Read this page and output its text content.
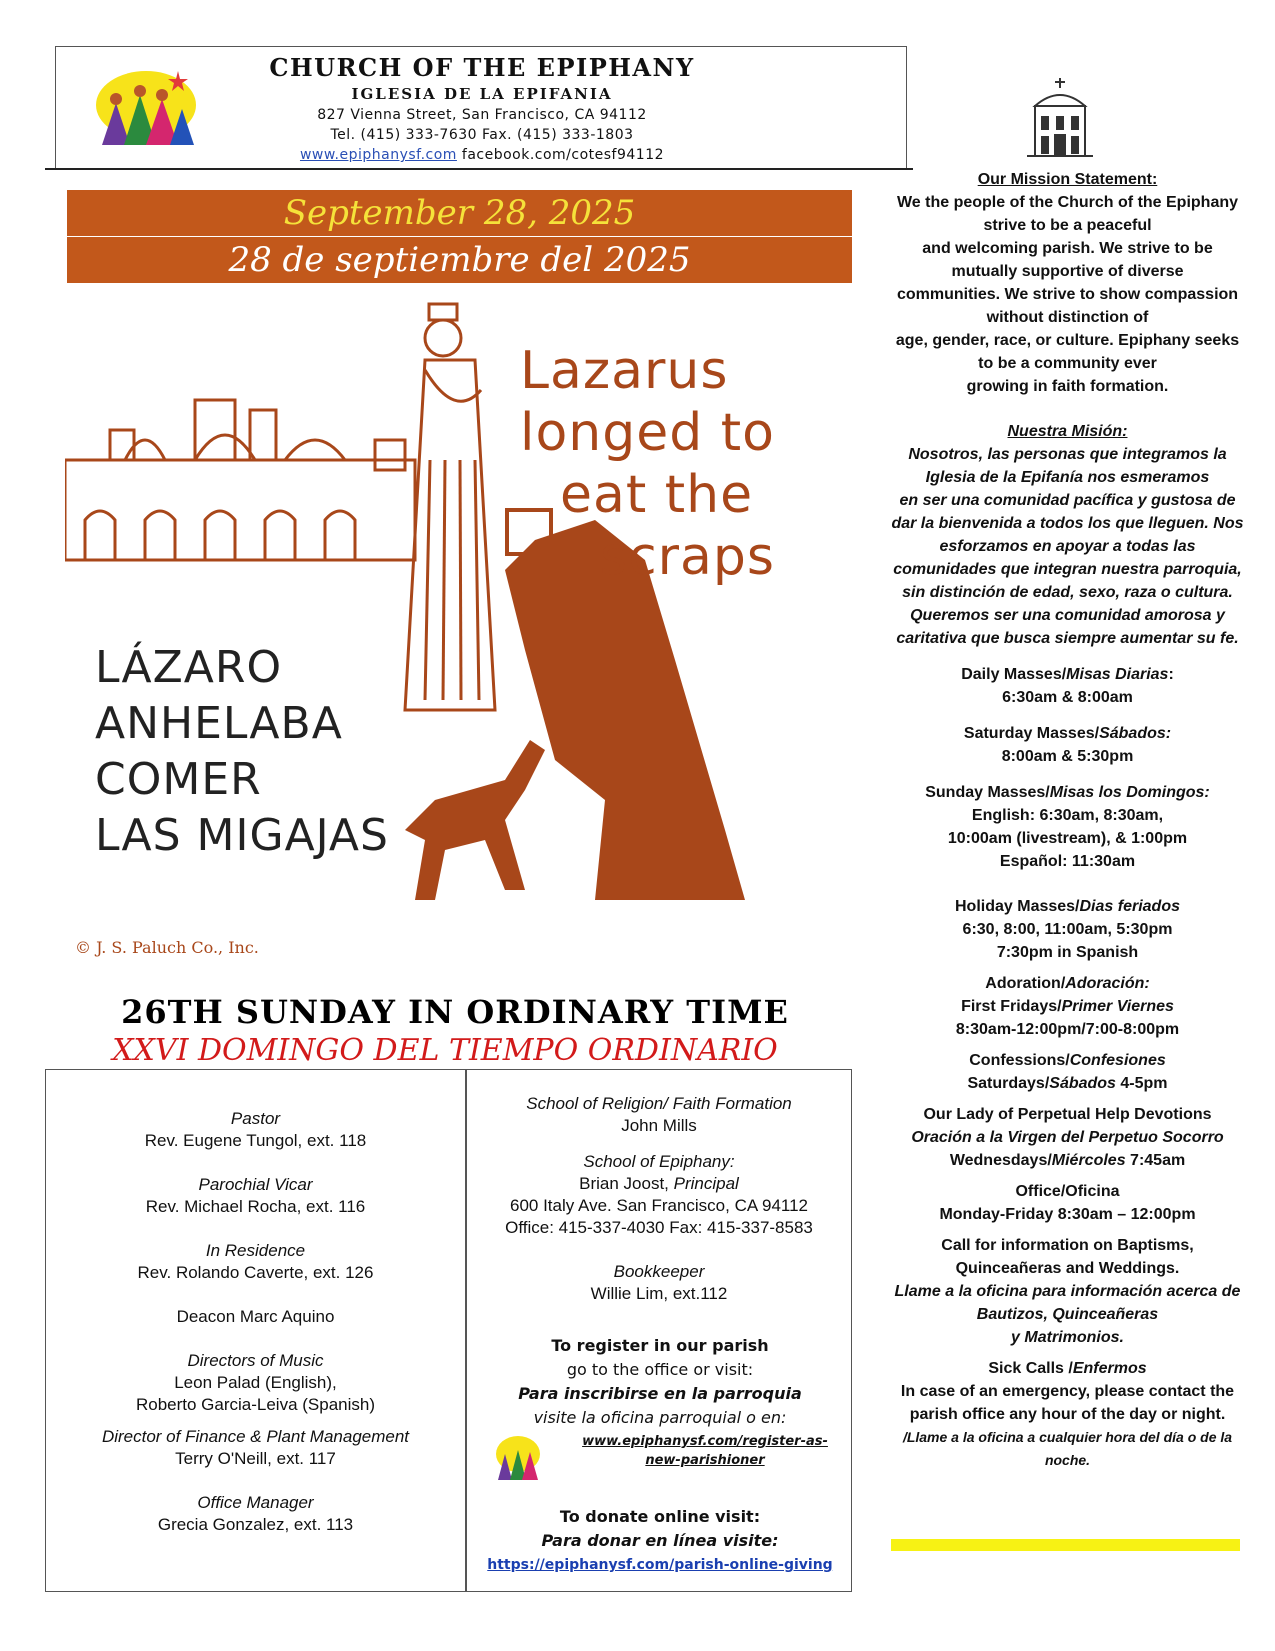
CHURCH OF THE EPIPHANY
IGLESIA DE LA EPIFANIA
827 Vienna Street, San Francisco, CA 94112
Tel. (415) 333-7630 Fax. (415) 333-1803
www.epiphanysf.com facebook.com/cotesf94112
September 28, 2025
28 de septiembre del 2025
Lazarus
longed to
eat the
scraps
LÁZARO
ANHELABA
COMER
LAS MIGAJAS
© J. S. Paluch Co., Inc.
26TH SUNDAY IN ORDINARY TIME
XXVI DOMINGO DEL TIEMPO ORDINARIO
Pastor
Rev. Eugene Tungol, ext. 118
Parochial Vicar
Rev. Michael Rocha, ext. 116
In Residence
Rev. Rolando Caverte, ext. 126
Deacon Marc Aquino
Directors of Music
Leon Palad (English),
Roberto Garcia-Leiva (Spanish)
Director of Finance & Plant Management
Terry O'Neill, ext. 117
Office Manager
Grecia Gonzalez, ext. 113
School of Religion/ Faith Formation
John Mills
School of Epiphany:
Brian Joost, Principal
600 Italy Ave. San Francisco, CA 94112
Office: 415-337-4030 Fax: 415-337-8583
Bookkeeper
Willie Lim, ext.112
To register in our parish
go to the office or visit:
Para inscribirse en la parroquia
visite la oficina parroquial o en:
www.epiphanysf.com/register-as-
new-parishioner
To donate online visit:
Para donar en línea visite:
https://epiphanysf.com/parish-online-giving
Our Mission Statement:
We the people of the Church of the Epiphany
strive to be a peaceful
and welcoming parish. We strive to be
mutually supportive of diverse
communities. We strive to show compassion
without distinction of
age, gender, race, or culture. Epiphany seeks
to be a community ever
growing in faith formation.
Nuestra Misión:
Nosotros, las personas que integramos la
Iglesia de la Epifanía nos esmeramos
en ser una comunidad pacífica y gustosa de
dar la bienvenida a todos los que lleguen. Nos
esforzamos en apoyar a todas las
comunidades que integran nuestra parroquia,
sin distinción de edad, sexo, raza o cultura.
Queremos ser una comunidad amorosa y
caritativa que busca siempre aumentar su fe.
Daily Masses/Misas Diarias:
6:30am & 8:00am
Saturday Masses/Sábados:
8:00am & 5:30pm
Sunday Masses/Misas los Domingos:
English: 6:30am, 8:30am,
10:00am (livestream), & 1:00pm
Español: 11:30am
Holiday Masses/Dias feriados
6:30, 8:00, 11:00am, 5:30pm
7:30pm in Spanish
Adoration/Adoración:
First Fridays/Primer Viernes
8:30am-12:00pm/7:00-8:00pm
Confessions/Confesiones
Saturdays/Sábados 4-5pm
Our Lady of Perpetual Help Devotions
Oración a la Virgen del Perpetuo Socorro
Wednesdays/Miércoles 7:45am
Office/Oficina
Monday-Friday 8:30am – 12:00pm
Call for information on Baptisms,
Quinceañeras and Weddings.
Llame a la oficina para información acerca de
Bautizos, Quinceañeras
y Matrimonios.
Sick Calls /Enfermos
In case of an emergency, please contact the
parish office any hour of the day or night.
/Llame a la oficina a cualquier hora del día o de la
noche.
